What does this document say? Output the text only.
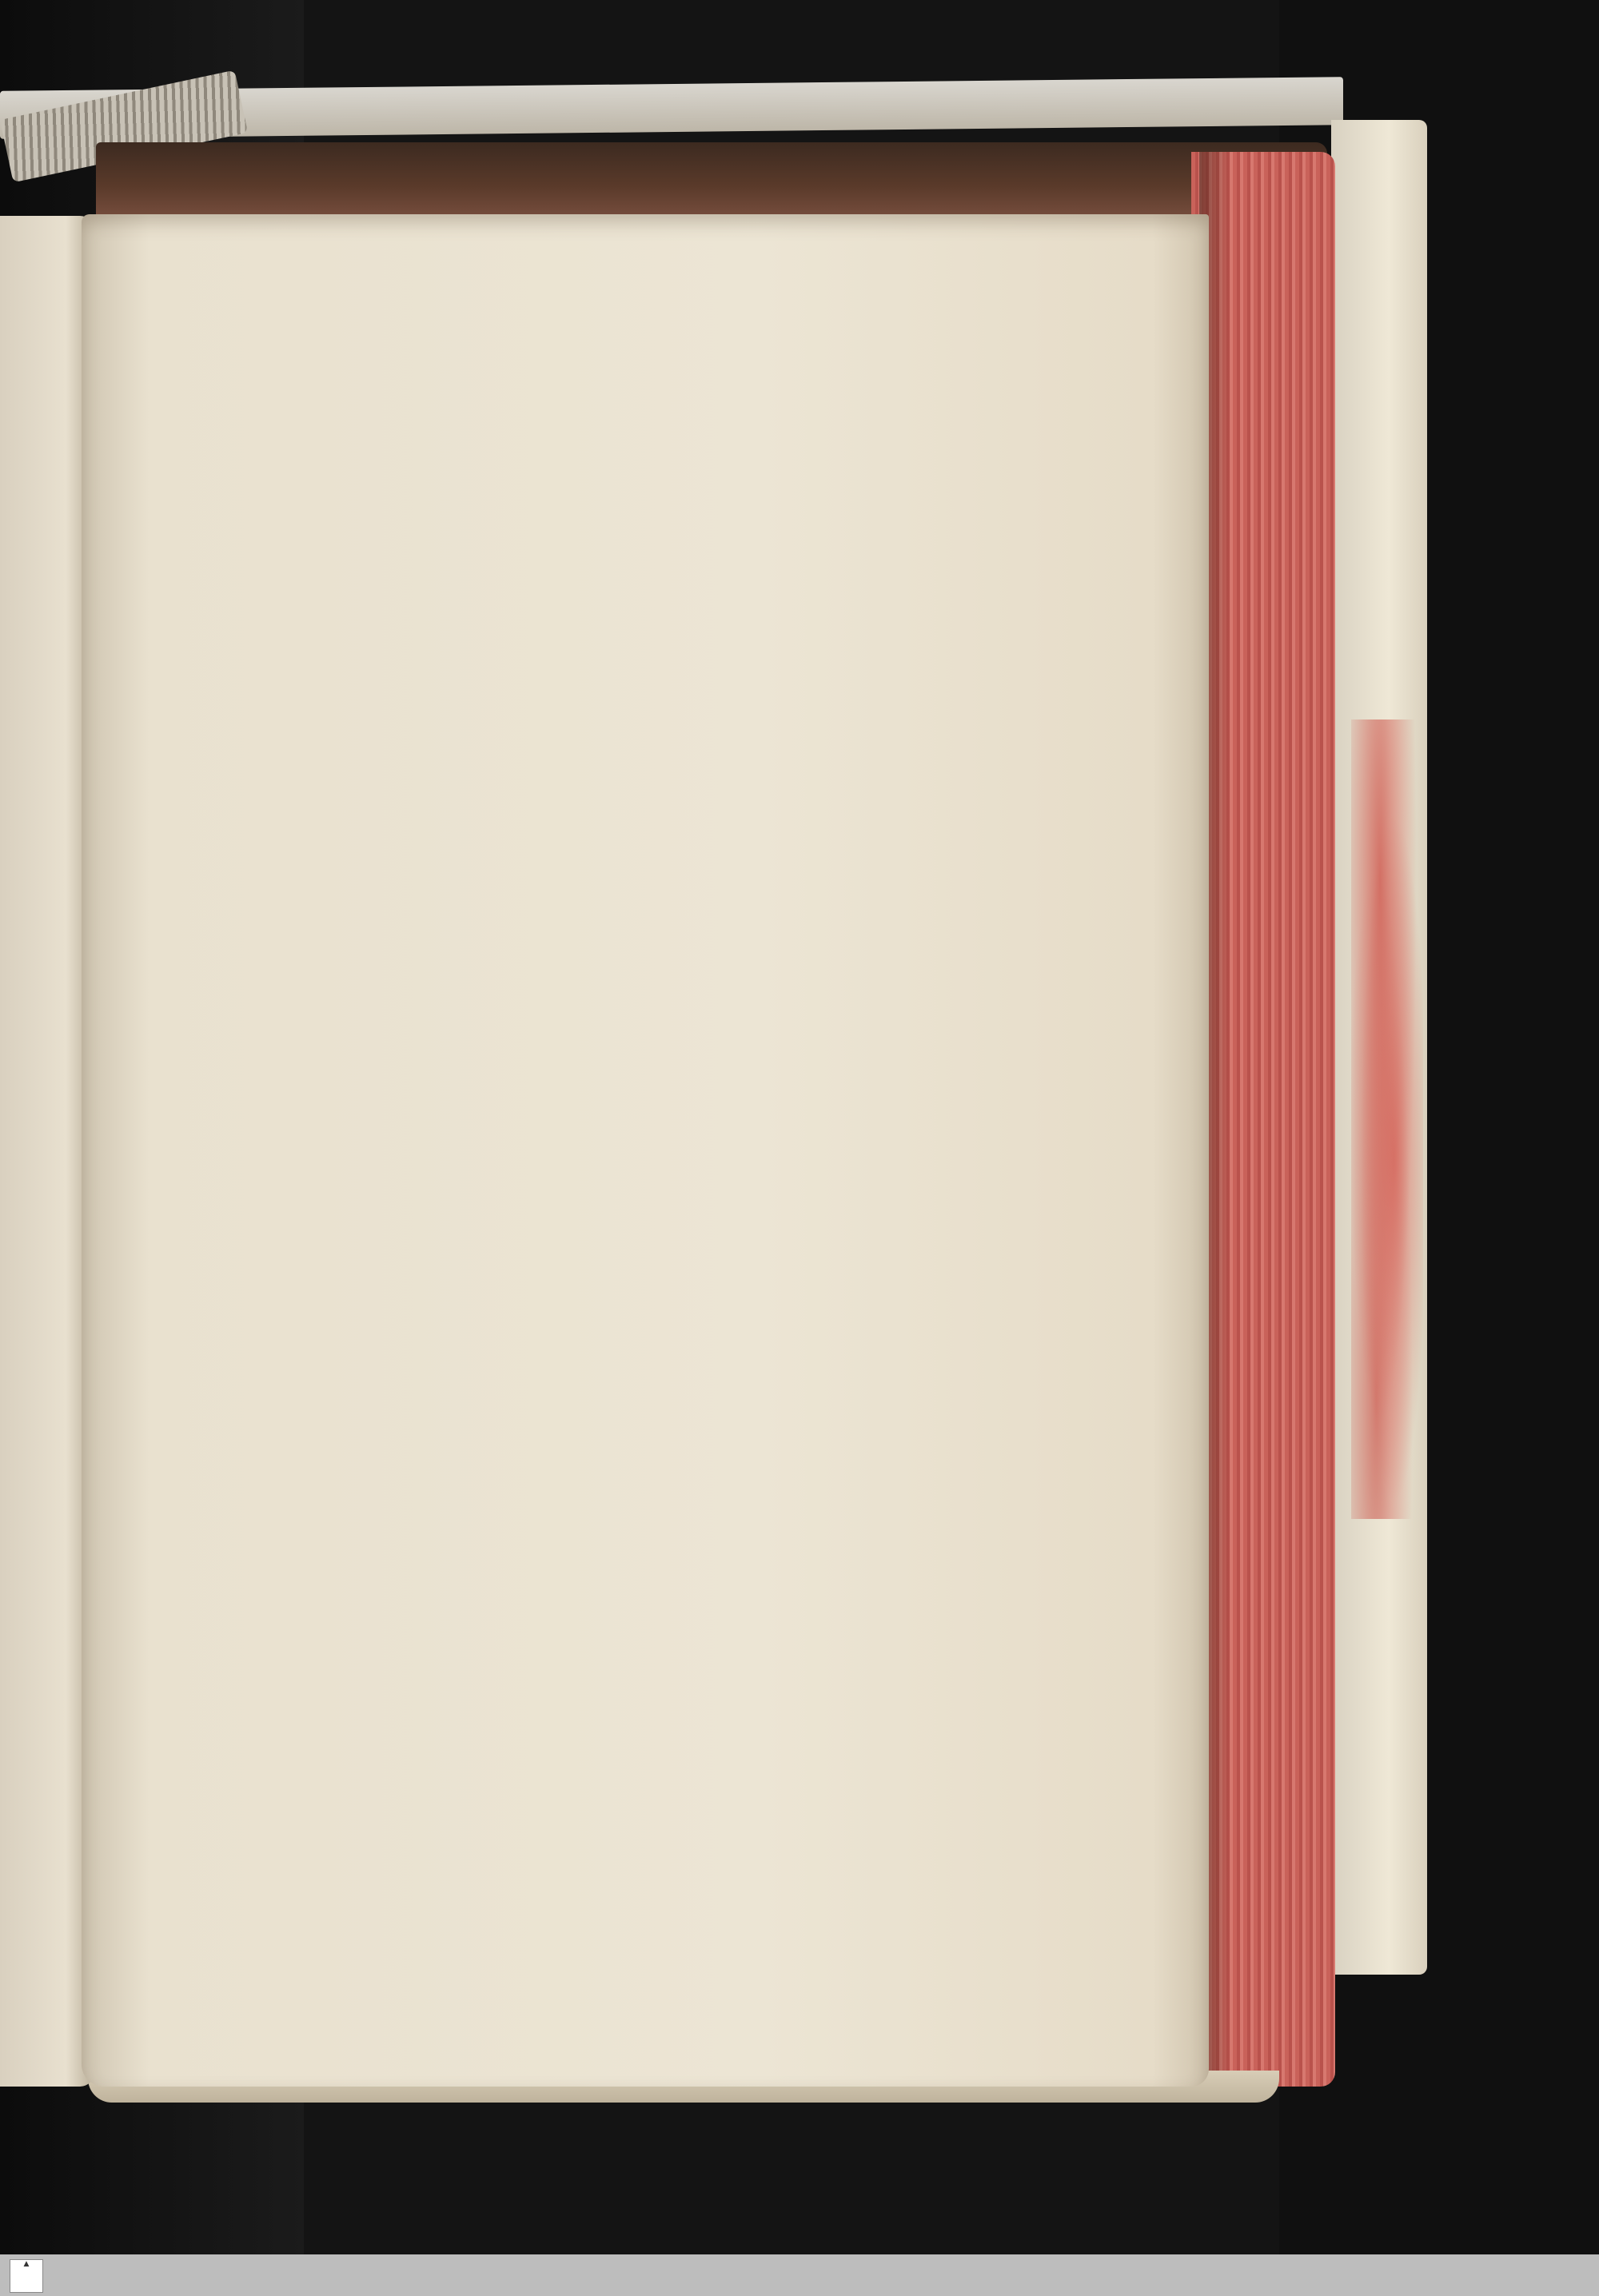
▲
